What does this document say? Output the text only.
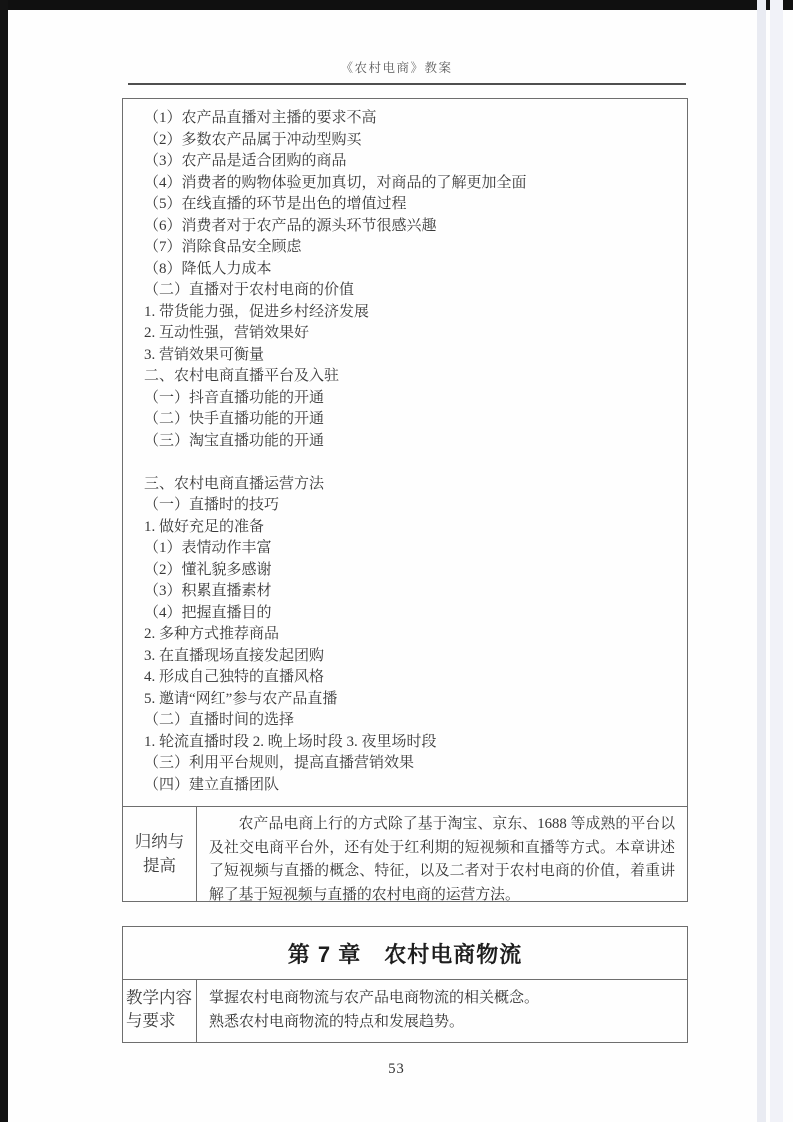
《农村电商》教案
（1）农产品直播对主播的要求不高
（2）多数农产品属于冲动型购买
（3）农产品是适合团购的商品
（4）消费者的购物体验更加真切，对商品的了解更加全面
（5）在线直播的环节是出色的增值过程
（6）消费者对于农产品的源头环节很感兴趣
（7）消除食品安全顾虑
（8）降低人力成本
（二）直播对于农村电商的价值
1. 带货能力强，促进乡村经济发展
2. 互动性强，营销效果好
3. 营销效果可衡量
二、农村电商直播平台及入驻
（一）抖音直播功能的开通
（二）快手直播功能的开通
（三）淘宝直播功能的开通

三、农村电商直播运营方法
（一）直播时的技巧
1. 做好充足的准备
（1）表情动作丰富
（2）懂礼貌多感谢
（3）积累直播素材
（4）把握直播目的
2. 多种方式推荐商品
3. 在直播现场直接发起团购
4. 形成自己独特的直播风格
5. 邀请“网红”参与农产品直播
（二）直播时间的选择
1. 轮流直播时段 2. 晚上场时段 3. 夜里场时段
（三）利用平台规则，提高直播营销效果
（四）建立直播团队
归纳与
提高
农产品电商上行的方式除了基于淘宝、京东、1688 等成熟的平台以及社交电商平台外，还有处于红利期的短视频和直播等方式。本章讲述了短视频与直播的概念、特征，以及二者对于农村电商的价值，着重讲解了基于短视频与直播的农村电商的运营方法。
第 7 章　农村电商物流
教学内容
与要求
掌握农村电商物流与农产品电商物流的相关概念。
熟悉农村电商物流的特点和发展趋势。
53
